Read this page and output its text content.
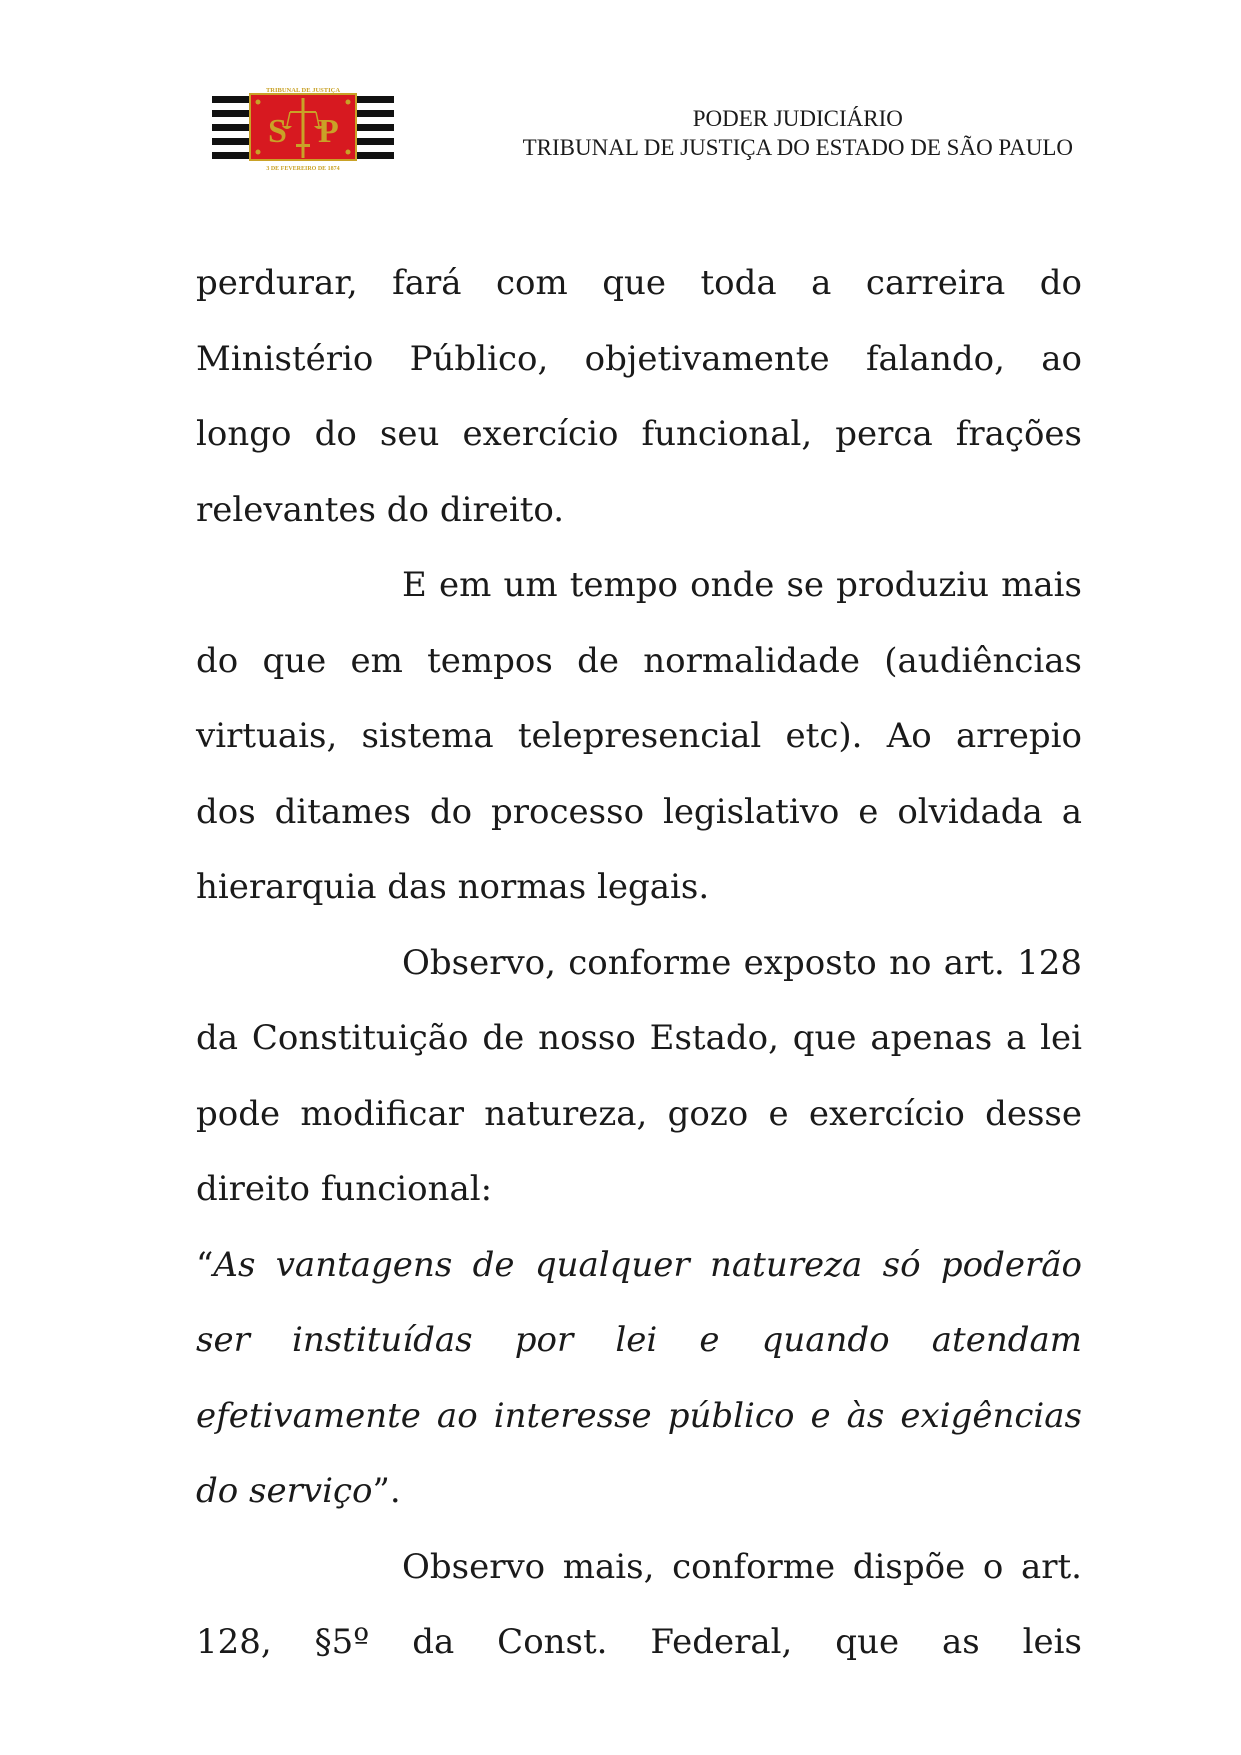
S P
TRIBUNAL DE JUSTIÇA
3 DE FEVEREIRO DE 1874
PODER JUDICIÁRIO
TRIBUNAL DE JUSTIÇA DO ESTADO DE SÃO PAULO

perdurar, fará com que toda a carreira do Ministério Público, objetivamente falando, ao longo do seu exercício funcional, perca frações relevantes do direito.

E em um tempo onde se produziu mais do que em tempos de normalidade (audiências virtuais, sistema telepresencial etc). Ao arrepio dos ditames do processo legislativo e olvidada a hierarquia das normas legais.

Observo, conforme exposto no art. 128 da Constituição de nosso Estado, que apenas a lei pode modificar natureza, gozo e exercício desse direito funcional:

“As vantagens de qualquer natureza só poderão ser instituídas por lei e quando atendam efetivamente ao interesse público e às exigências do serviço”.

Observo mais, conforme dispõe o art. 128, §5º da Const. Federal, que as leis
